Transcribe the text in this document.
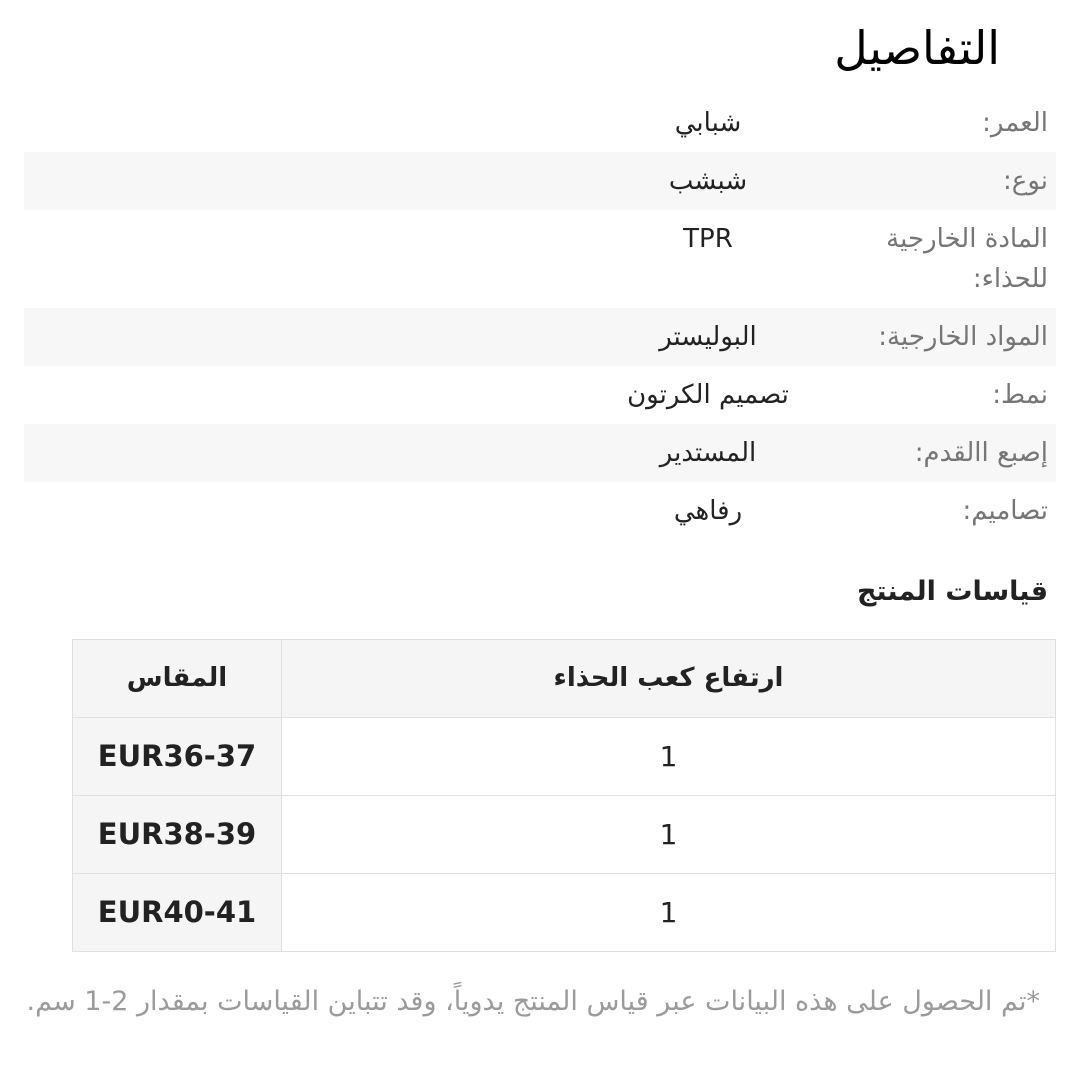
التفاصيل
العمر:
شبابي
نوع:
شبشب
المادة الخارجية للحذاء:
TPR
المواد الخارجية:
البوليستر
نمط:
تصميم الكرتون
إصبع االقدم:
المستدير
تصاميم:
رفاهي
قياسات المنتج
المقاس	ارتفاع كعب الحذاء
EUR36-37	1
EUR38-39	1
EUR40-41	1

*تم الحصول على هذه البيانات عبر قياس المنتج يدوياً، وقد تتباين القياسات بمقدار 2-1 سم.
